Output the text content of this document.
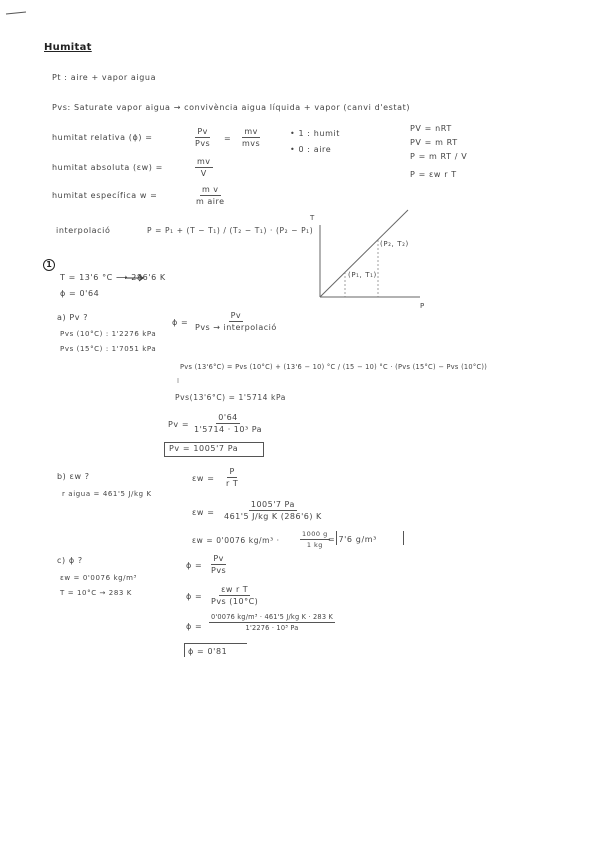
Humitat
Pt : aire + vapor aigua
Pvs: Saturate vapor aigua → convivència aigua líquida + vapor (canvi d'estat)
humitat relativa (ϕ) =
Pv
Pvs
=
mv
mvs
• 1 : humit
• 0 : aire
PV = nRT
PV = m RT
P = m RT / V
P = εw r T
humitat absoluta (εw) =	$\frac{mv}{V}$
humitat específica w =
m v
m aire
interpolació	P = P₁ + (T − T₁) / (T₂ − T₁) · (P₂ − P₁)
T
P
(P₂, T₂)
(P₁, T₁)
1
T = 13'6 °C ⟶ 286'6 K
ϕ = 0'64
a) Pv ?
Pvs (10°C) : 1'2276 kPa
Pvs (15°C) : 1'7051 kPa
ϕ =
Pv
Pvs → interpolació
Pvs (13'6°C) = Pvs (10°C) + (13'6 − 10) °C / (15 − 10) °C · (Pvs (15°C) − Pvs (10°C))
Pvs(13'6°C) = 1'5714 kPa
$Pv = \frac{0'64}{\text{1'5714 · 10³ Pa}}$
Pv = 1005'7 Pa
b) εw ?
r aigua = 461'5 J/kg K
$\varepsilon w = \frac{P}{\text{r T}}$
$\varepsilon w = \frac{1005'7 Pa}{\text{461'5 J/kg K (286'6) K}}$
εw = 0'0076 kg/m³ ·	$\frac{1000 g}{1 kg}$
= 7'6 g/m³
c) ϕ ?
εw = 0'0076 kg/m³
T = 10°C → 283 K
ϕ =
Pv
Pvs
ϕ =
εw r T
Pvs (10°C)
$\phi = \frac{\text{0'0076 kg/m³ · 461'5 J/kg K · 283 K}}{\text{1'2276 · 10³ Pa}}$
ϕ = 0'81
